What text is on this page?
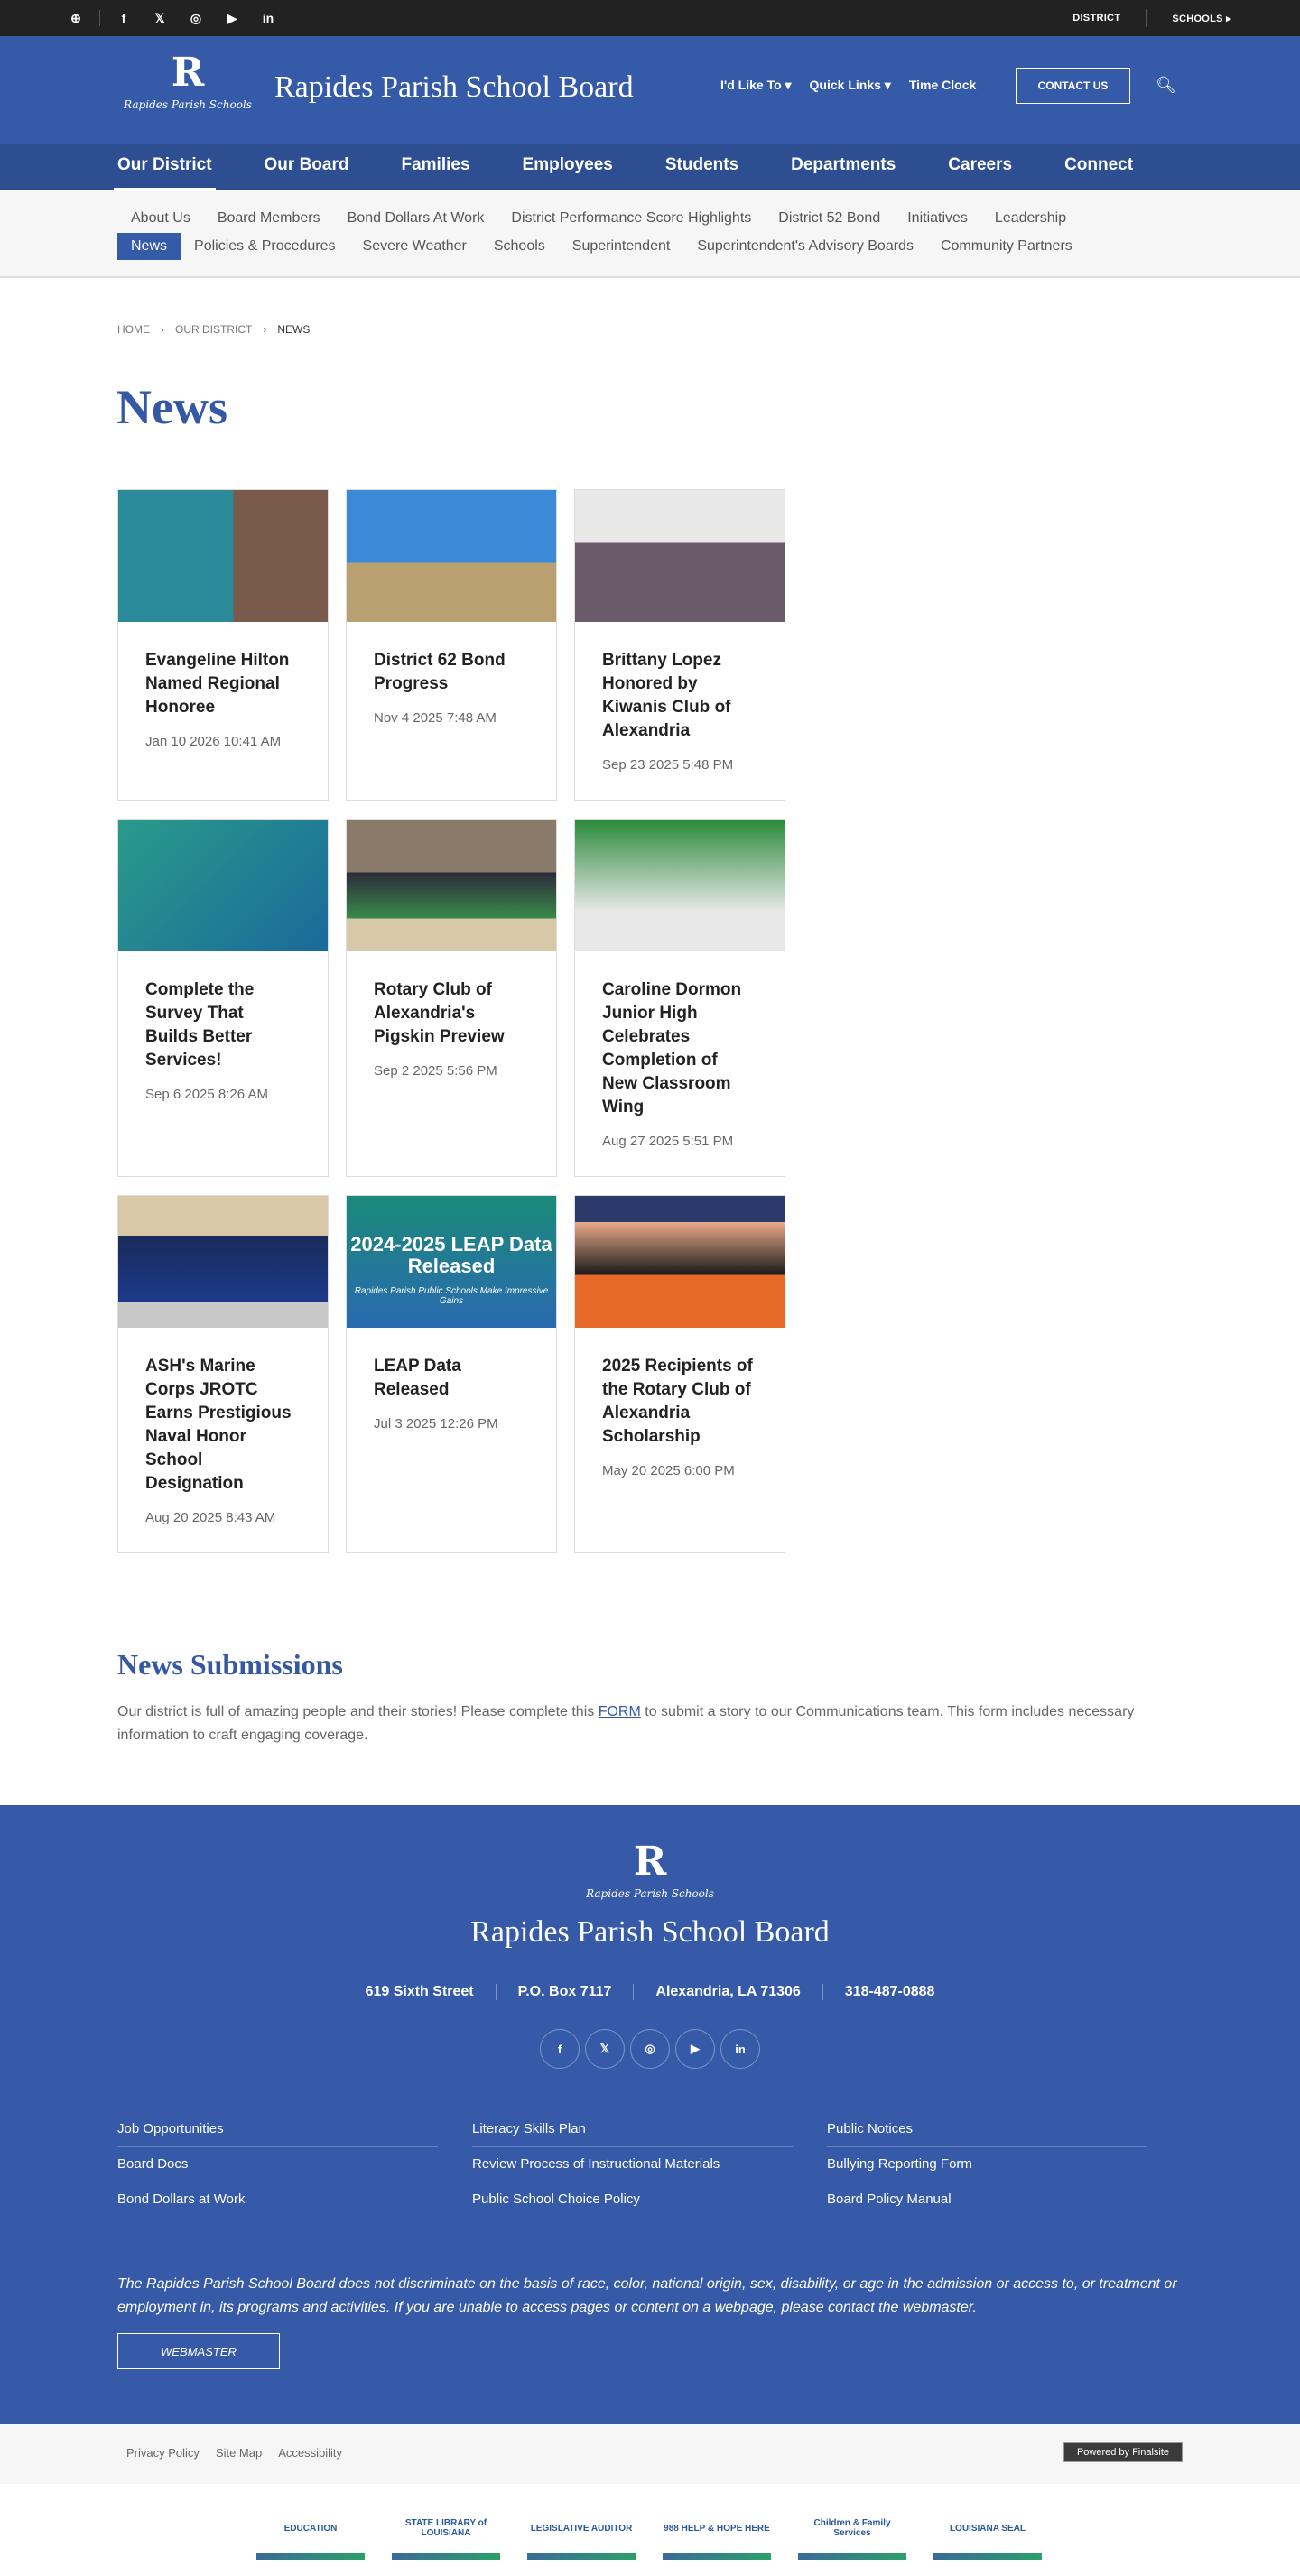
⊕	f	𝕏	◎	▶	in	DISTRICT	SCHOOLS ▸
R
Rapides Parish Schools
Rapides Parish School Board	I'd Like To ▾ Quick Links ▾ Time Clock	CONTACT US	🔍︎
Our District	Our Board	Families	Employees	Students	Departments	Careers	Connect
About Us	Board Members	Bond Dollars At Work	District Performance Score Highlights	District 52 Bond	Initiatives	Leadership
News	Policies & Procedures	Severe Weather	Schools	Superintendent	Superintendent's Advisory Boards	Community Partners
HOME › OUR DISTRICT › NEWS
News
Evangeline Hilton Named Regional Honoree
Jan 10 2026 10:41 AM
District 62 Bond Progress
Nov 4 2025 7:48 AM
Brittany Lopez Honored by Kiwanis Club of Alexandria
Sep 23 2025 5:48 PM
Complete the Survey That Builds Better Services!
Sep 6 2025 8:26 AM
Rotary Club of Alexandria's Pigskin Preview
Sep 2 2025 5:56 PM
Caroline Dormon Junior High Celebrates Completion of New Classroom Wing
Aug 27 2025 5:51 PM
ASH's Marine Corps JROTC Earns Prestigious Naval Honor School Designation
Aug 20 2025 8:43 AM
2024-2025 LEAP Data Released
Rapides Parish Public Schools Make Impressive Gains
LEAP Data Released
Jul 3 2025 12:26 PM
2025 Recipients of the Rotary Club of Alexandria Scholarship
May 20 2025 6:00 PM
News Submissions

Our district is full of amazing people and their stories! Please complete this FORM to submit a story to our Communications team. This form includes necessary information to craft engaging coverage.

R
Rapides Parish Schools
Rapides Parish School Board
619 Sixth Street	P.O. Box 7117	Alexandria, LA 71306	318-487-0888
f	𝕏	◎	▶	in
Job Opportunities
Board Docs
Bond Dollars at Work
Literacy Skills Plan
Review Process of Instructional Materials
Public School Choice Policy
Public Notices
Bullying Reporting Form
Board Policy Manual

The Rapides Parish School Board does not discriminate on the basis of race, color, national origin, sex, disability, or age in the admission or access to, or treatment or employment in, its programs and activities. If you are unable to access pages or content on a webpage, please contact the webmaster.

WEBMASTER
Privacy Policy Site Map Accessibility	Powered by Finalsite
EDUCATION	STATE LIBRARY of LOUISIANA	LEGISLATIVE AUDITOR	988 HELP & HOPE HERE	Children & Family Services	LOUISIANA SEAL
